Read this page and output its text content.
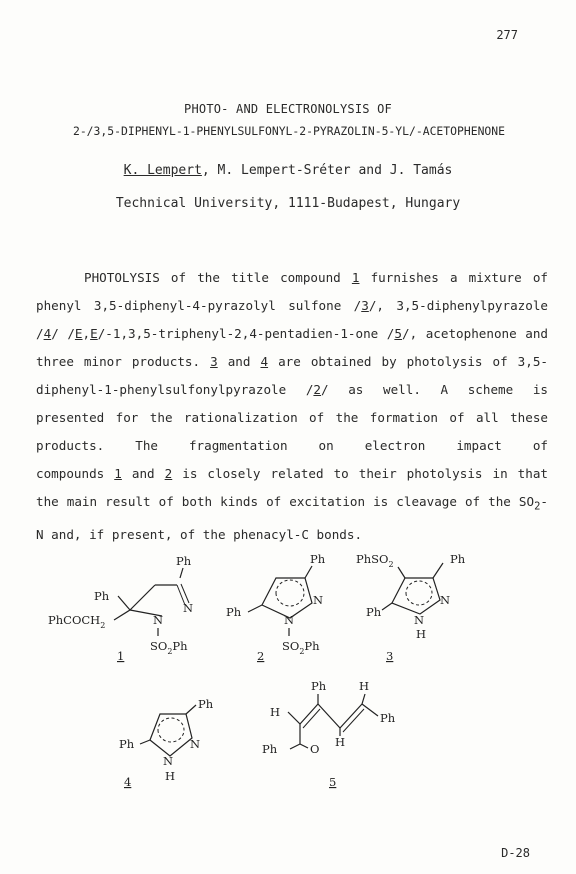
277
PHOTO- AND ELECTRONOLYSIS OF
2-/3,5-DIPHENYL-1-PHENYLSULFONYL-2-PYRAZOLIN-5-YL/-ACETOPHENONE
K. Lempert, M. Lempert-Sréter and J. Tamás
Technical University, 1111-Budapest, Hungary

PHOTOLYSIS of the title compound 1 furnishes a mixture of phenyl 3,5-diphenyl-4-pyrazolyl sulfone /3/, 3,5-diphenylpyrazole /4/ /E,E/-1,3,5-triphenyl-2,4-pentadien-1-one /5/, acetophenone and three minor products. 3 and 4 are obtained by photolysis of 3,5-diphenyl-1-phenylsulfonylpyrazole /2/ as well. A scheme is presented for the rationalization of the formation of all these products. The fragmentation on electron impact of compounds 1 and 2 is closely related to their photolysis in that the main result of both kinds of excitation is cleavage of the $SO_2-N$ and, if present, of the phenacyl-C bonds.

Ph
Ph
PhCOCH$_2$
N
N
$SO_2Ph$
1
Ph
Ph
N
N
$SO_2Ph$
2
PhSO$_2$	Ph
Ph
N
N
H
3
Ph
Ph	N
N
H
4
H
Ph	H
H
Ph
Ph	O
5
D-28
